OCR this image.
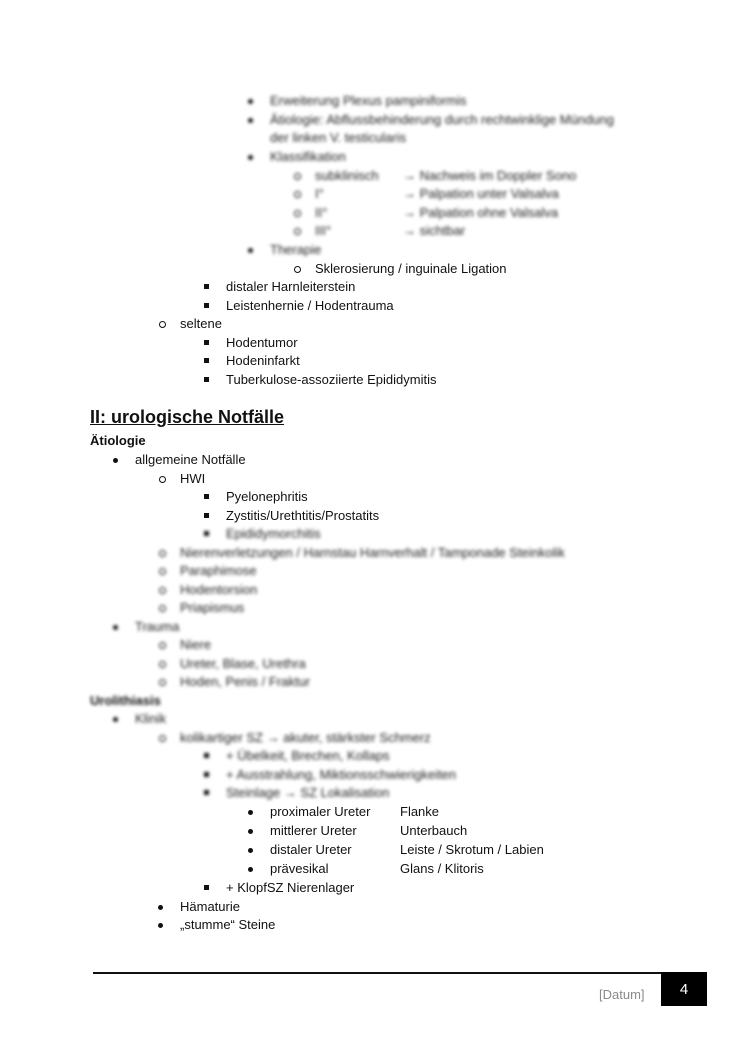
Erweiterung Plexus pampiniformis
Ätiologie: Abflussbehinderung durch rechtwinklige Mündung
der linken V. testicularis
Klassifikation
subklinisch → Nachweis im Doppler Sono
I°	→ Palpation unter Valsalva
II°	→ Palpation ohne Valsalva
III°	→ sichtbar
Therapie
Sklerosierung / inguinale Ligation
distaler Harnleiterstein
Leistenhernie / Hodentrauma
seltene
Hodentumor
Hodeninfarkt
Tuberkulose-assoziierte Epididymitis
II: urologische Notfälle
Ätiologie
allgemeine Notfälle
HWI
Pyelonephritis
Zystitis/Urethtitis/Prostatits
Epididymorchitis
Nierenverletzungen / Harnstau Harnverhalt / Tamponade Steinkolik
Paraphimose
Hodentorsion
Priapismus
Trauma
Niere
Ureter, Blase, Urethra
Hoden, Penis / Fraktur
Urolithiasis
Klinik
kolikartiger SZ → akuter, stärkster Schmerz
+ Übelkeit, Brechen, Kollaps
+ Ausstrahlung, Miktionsschwierigkeiten
Steinlage → SZ Lokalisation
proximaler Ureter Flanke
mittlerer Ureter	Unterbauch
distaler Ureter	Leiste / Skrotum / Labien
prävesikal	Glans / Klitoris
+ KlopfSZ Nierenlager
Hämaturie
„stumme“ Steine
[Datum]	4
